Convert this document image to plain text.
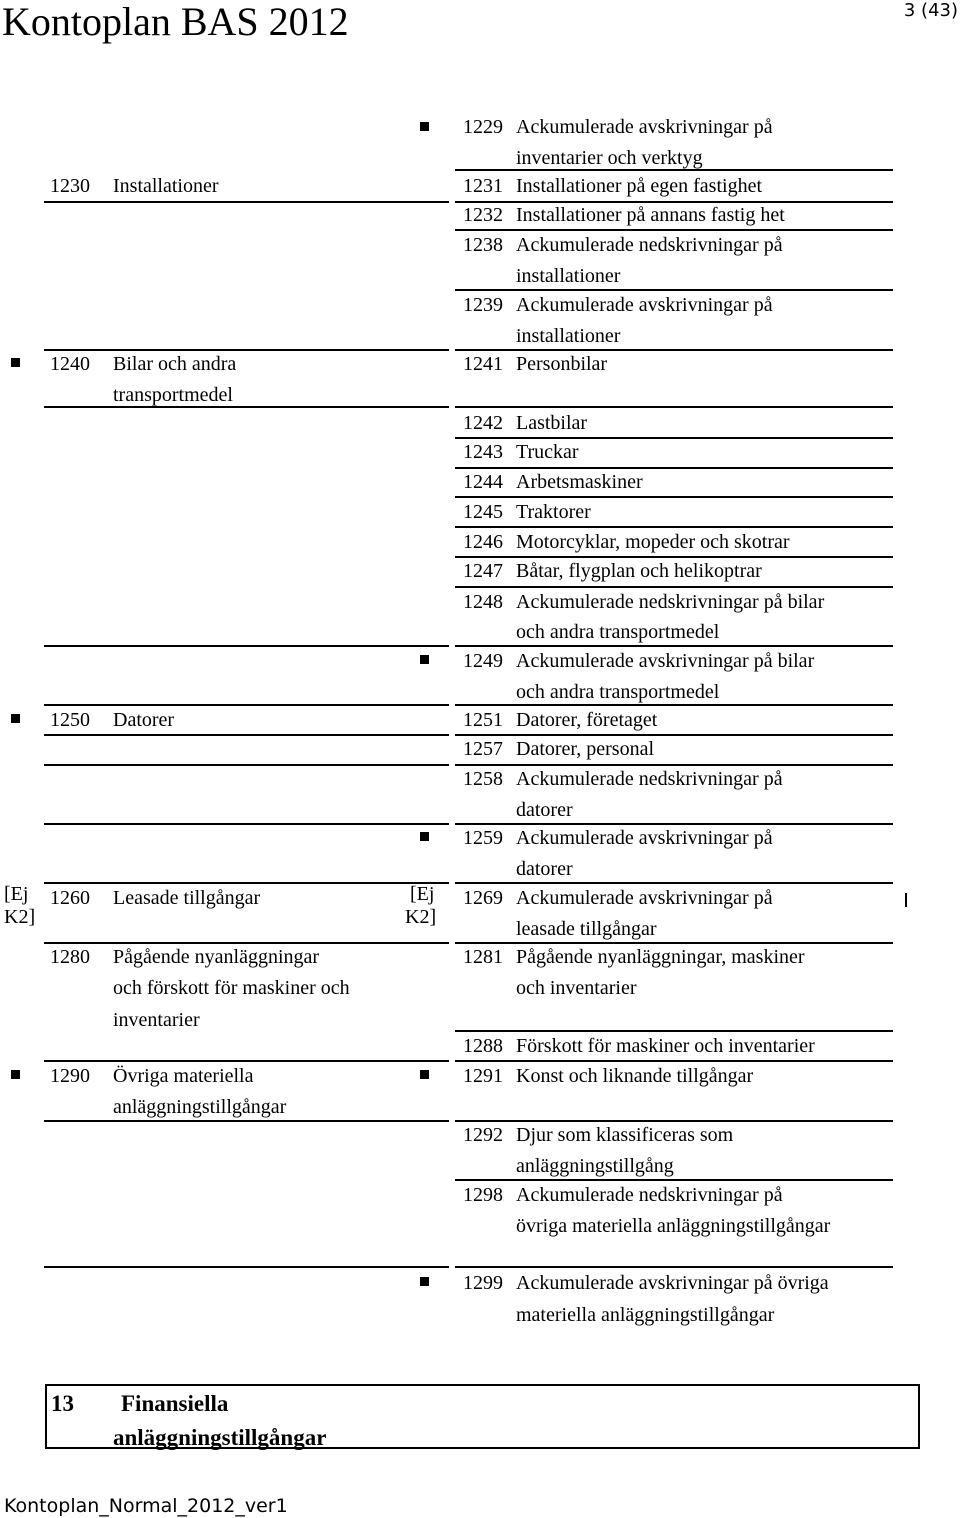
Kontoplan BAS 2012	3 (43)
1229 Ackumulerade avskrivningar på
inventarier och verktyg
1230 Installationer	1231 Installationer på egen fastighet
1232 Installationer på annans fastig het
1238 Ackumulerade nedskrivningar på
installationer
1239 Ackumulerade avskrivningar på
installationer
1240 Bilar och andra
transportmedel
1241 Personbilar
1242 Lastbilar
1243 Truckar
1244 Arbetsmaskiner
1245 Traktorer
1246 Motorcyklar, mopeder och skotrar
1247 Båtar, flygplan och helikoptrar
1248 Ackumulerade nedskrivningar på bilar
och andra transportmedel
1249 Ackumulerade avskrivningar på bilar
och andra transportmedel
1250 Datorer	1251 Datorer, företaget
1257 Datorer, personal
1258 Ackumulerade nedskrivningar på
datorer
1259 Ackumulerade avskrivningar på
datorer
[Ej
K2]
1260 Leasade tillgångar	[Ej
K2]
1269 Ackumulerade avskrivningar på
leasade tillgångar
1280 Pågående nyanläggningar
och förskott för maskiner och
inventarier
1281 Pågående nyanläggningar, maskiner
och inventarier
1288 Förskott för maskiner och inventarier
1290 Övriga materiella
anläggningstillgångar
1291 Konst och liknande tillgångar
1292 Djur som klassificeras som
anläggningstillgång
1298 Ackumulerade nedskrivningar på
övriga materiella anläggningstillgångar
1299 Ackumulerade avskrivningar på övriga
materiella anläggningstillgångar
13 Finansiella
anläggningstillgångar
Kontoplan_Normal_2012_ver1
